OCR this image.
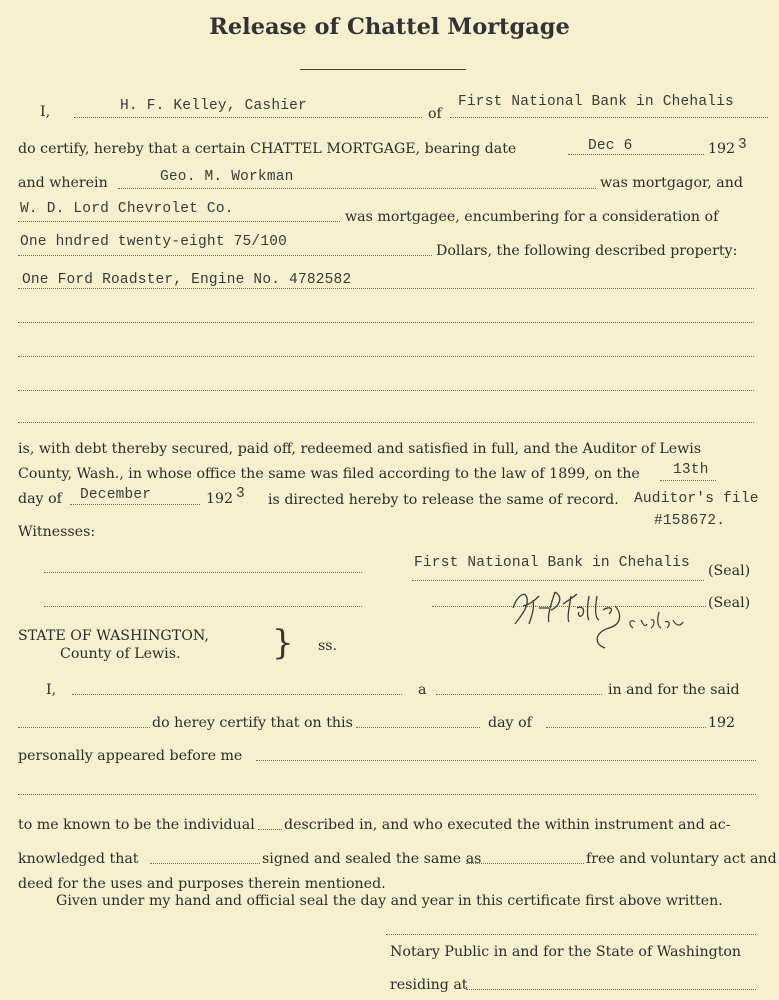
Release of Chattel Mortgage
I,	H. F. Kelley, Cashier	of
First National Bank in Chehalis
do certify, hereby that a certain CHATTEL MORTGAGE, bearing date	Dec 6	192 3
and wherein	Geo. M. Workman	was mortgagor, and
W. D. Lord Chevrolet Co.	was mortgagee, encumbering for a consideration of
One hndred twenty-eight 75/100
Dollars, the following described property:
One Ford Roadster, Engine No. 4782582
is, with debt thereby secured, paid off, redeemed and satisfied in full, and the Auditor of Lewis
County, Wash., in whose office the same was filed according to the law of 1899, on the 13th
day of December	192 3 is directed hereby to release the same of record. Auditor's file
#158672.
Witnesses:
First National Bank in Chehalis (Seal)
(Seal)
H.F. Kelley	Cashier
STATE OF WASHINGTON,
County of Lewis.	} ss.
I,	a	in and for the said
do herey certify that on this	day of	192
personally appeared before me
to me known to be the individual described in, and who executed the within instrument and ac-
knowledged that	signed and sealed the same as	free and voluntary act and
deed for the uses and purposes therein mentioned.
Given under my hand and official seal the day and year in this certificate first above written.
Notary Public in and for the State of Washington
residing at
